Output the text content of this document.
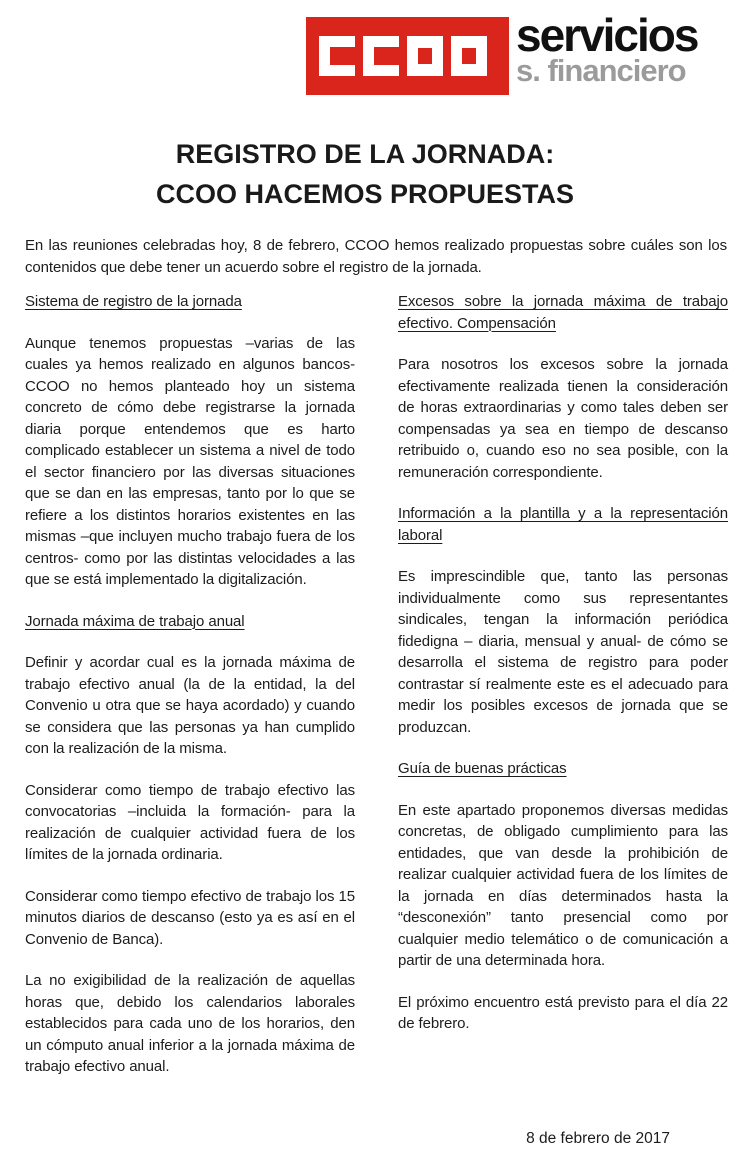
servicios
s. financiero
REGISTRO DE LA JORNADA:
CCOO HACEMOS PROPUESTAS

En las reuniones celebradas hoy, 8 de febrero, CCOO hemos realizado propuestas sobre cuáles son los contenidos que debe tener un acuerdo sobre el registro de la jornada.

Sistema de registro de la jornada

Aunque tenemos propuestas –varias de las cuales ya hemos realizado en algunos bancos- CCOO no hemos planteado hoy un sistema concreto de cómo debe registrarse la jornada diaria porque entendemos que es harto complicado establecer un sistema a nivel de todo el sector financiero por las diversas situaciones que se dan en las empresas, tanto por lo que se refiere a los distintos horarios existentes en las mismas –que incluyen mucho trabajo fuera de los centros- como por las distintas velocidades a las que se está implementado la digitalización.

Jornada máxima de trabajo anual

Definir y acordar cual es la jornada máxima de trabajo efectivo anual (la de la entidad, la del Convenio u otra que se haya acordado) y cuando se considera que las personas ya han cumplido con la realización de la misma.

Considerar como tiempo de trabajo efectivo las convocatorias –incluida la formación- para la realización de cualquier actividad fuera de los límites de la jornada ordinaria.

Considerar como tiempo efectivo de trabajo los 15 minutos diarios de descanso (esto ya es así en el Convenio de Banca).

La no exigibilidad de la realización de aquellas horas que, debido los calendarios laborales establecidos para cada uno de los horarios, den un cómputo anual inferior a la jornada máxima de trabajo efectivo anual.

Excesos sobre la jornada máxima de trabajo efectivo. Compensación

Para nosotros los excesos sobre la jornada efectivamente realizada tienen la consideración de horas extraordinarias y como tales deben ser compensadas ya sea en tiempo de descanso retribuido o, cuando eso no sea posible, con la remuneración correspondiente.

Información a la plantilla y a la representación laboral

Es imprescindible que, tanto las personas individualmente como sus representantes sindicales, tengan la información periódica fidedigna – diaria, mensual y anual- de cómo se desarrolla el sistema de registro para poder contrastar sí realmente este es el adecuado para medir los posibles excesos de jornada que se produzcan.

Guía de buenas prácticas

En este apartado proponemos diversas medidas concretas, de obligado cumplimiento para las entidades, que van desde la prohibición de realizar cualquier actividad fuera de los límites de la jornada en días determinados hasta la “desconexión” tanto presencial como por cualquier medio telemático o de comunicación a partir de una determinada hora.

El próximo encuentro está previsto para el día 22 de febrero.

8 de febrero de 2017
